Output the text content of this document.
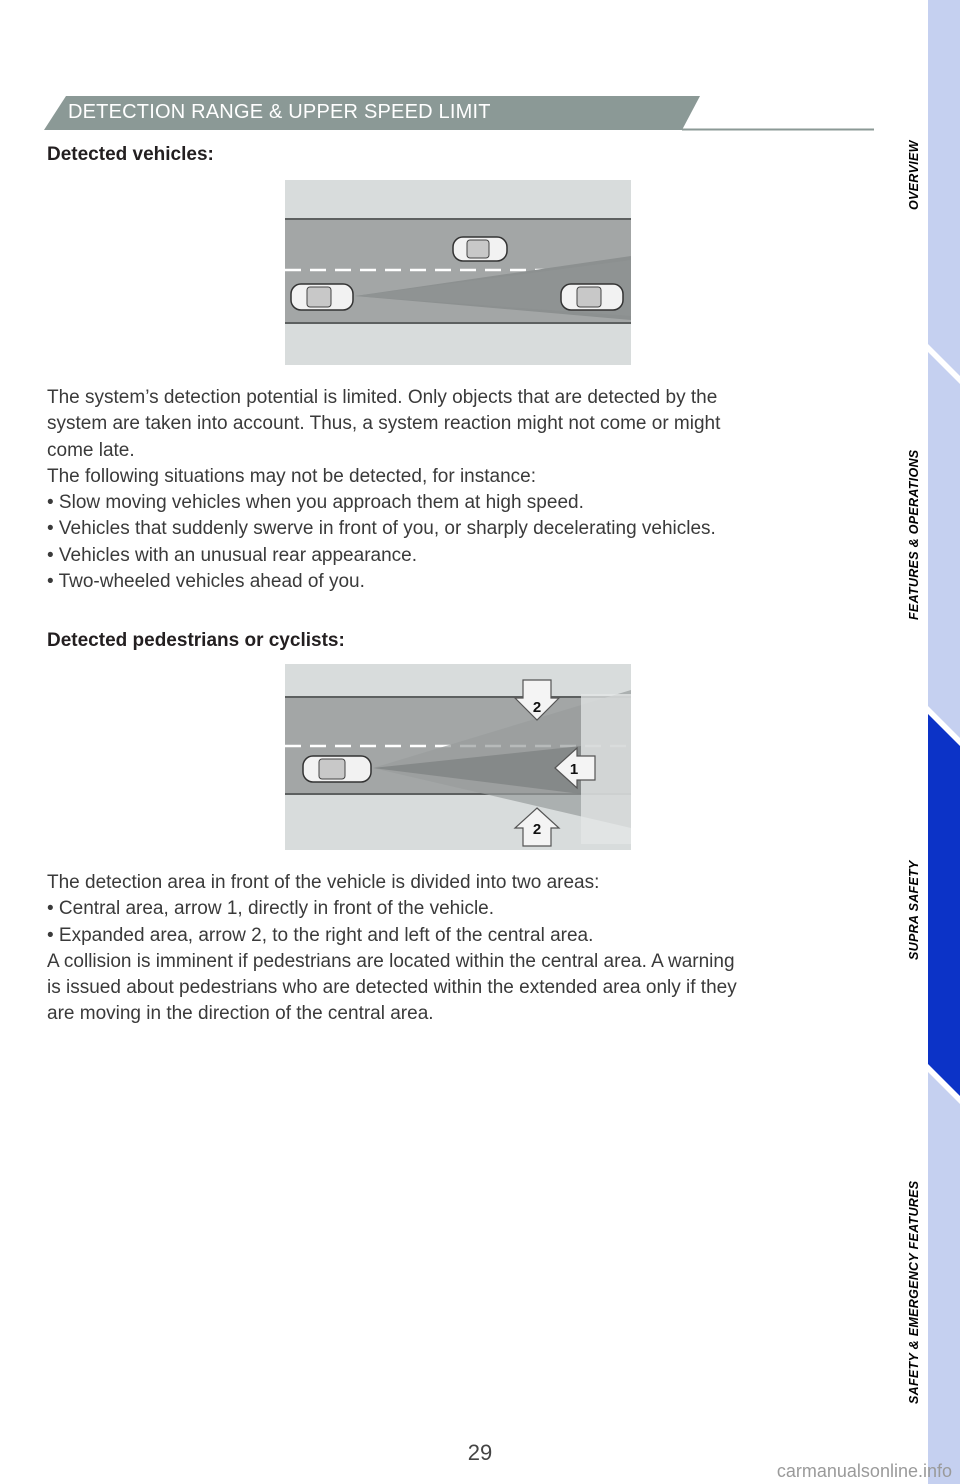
DETECTION RANGE & UPPER SPEED LIMIT
Detected vehicles:

The system’s detection potential is limited. Only objects that are detected by the
system are taken into account. Thus, a system reaction might not come or might
come late.
The following situations may not be detected, for instance:
• Slow moving vehicles when you approach them at high speed.
• Vehicles that suddenly swerve in front of you, or sharply decelerating vehicles.
• Vehicles with an unusual rear appearance.
• Two-wheeled vehicles ahead of you.

Detected pedestrians or cyclists:
2
1
2

The detection area in front of the vehicle is divided into two areas:
• Central area, arrow 1, directly in front of the vehicle.
• Expanded area, arrow 2, to the right and left of the central area.
A collision is imminent if pedestrians are located within the central area. A warning
is issued about pedestrians who are detected within the extended area only if they
are moving in the direction of the central area.

OVERVIEW
FEATURES & OPERATIONS
SUPRA SAFETY
SAFETY & EMERGENCY FEATURES
29
carmanualsonline.info
